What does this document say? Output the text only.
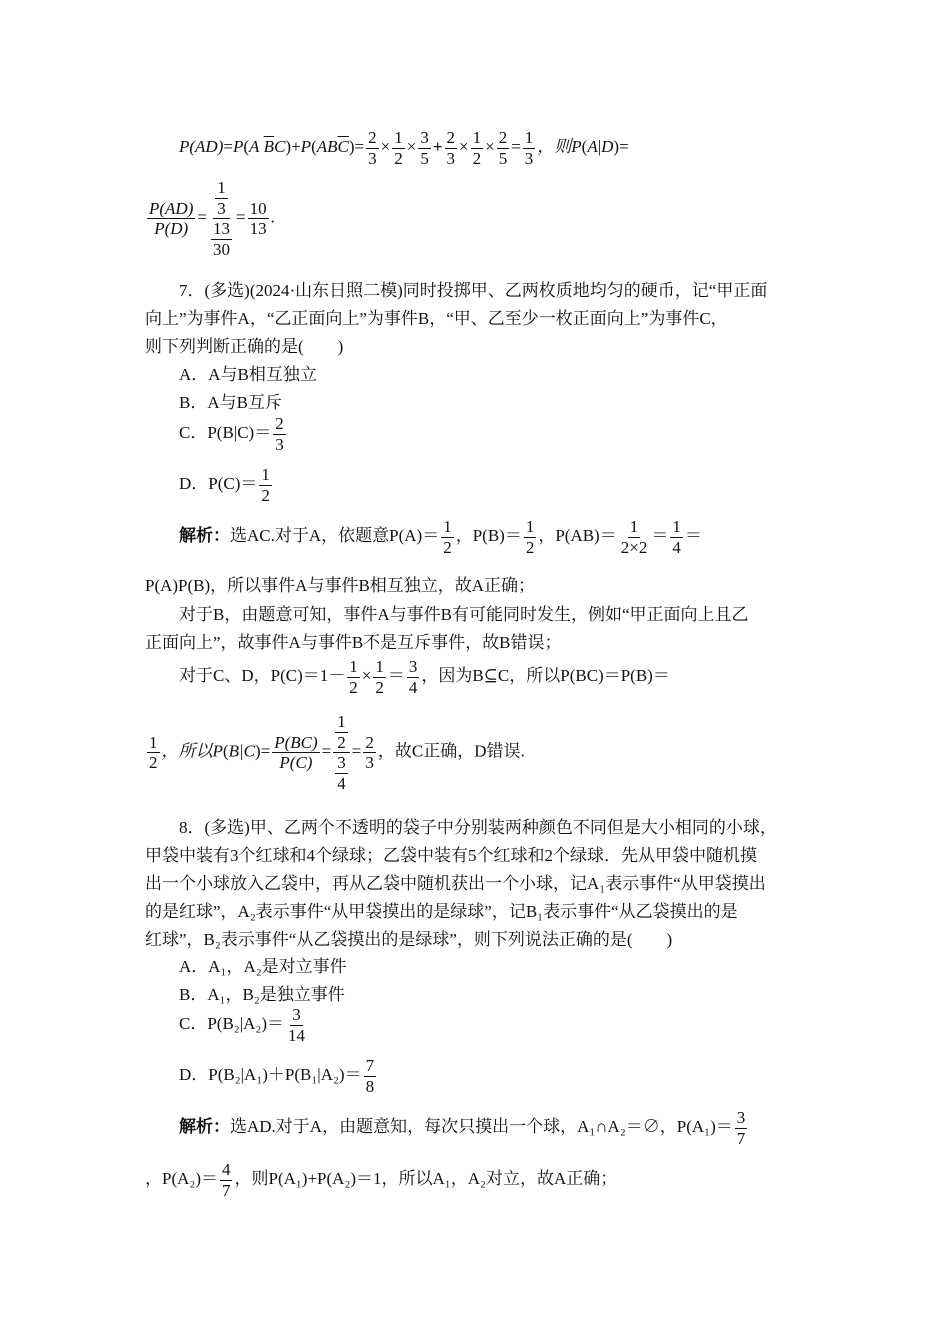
P(AD)=P(A $\overline{B}C)+P(AB\overline{C})= \frac{2}{3} \times \frac{1}{2} \times \frac{3}{5} + \frac{2}{3} \times \frac{1}{2} \times \frac{2}{5} = \frac{1}{3}$ ，则P(A|D)=
$\frac{P(AD)}{P(D)} = \frac{\frac{1}{3}}{\frac{13}{30}} = \frac{10}{13}$ .
7．(多选)(2024·山东日照二模)同时投掷甲、乙两枚质地均匀的硬币，记“甲正面
向上”为事件A，“乙正面向上”为事件B，“甲、乙至少一枚正面向上”为事件C，
则下列判断正确的是(　　)
A．A与B相互独立
B．A与B互斥
C．$P(B|C)= \frac{2}{3}$
D．$P(C)= \frac{1}{2}$
解析：选AC.对于A，依题意$P(A)= \frac{1}{2}$ ，$P(B)= \frac{1}{2}$ ，$P(AB)= \frac{1}{2\times 2} = \frac{1}{4}$ ＝
P(A)P(B)，所以事件A与事件B相互独立，故A正确；
对于B，由题意可知，事件A与事件B有可能同时发生，例如“甲正面向上且乙
正面向上”，故事件A与事件B不是互斥事件，故B错误；
对于C、D，$P(C)=1- \frac{1}{2} \times \frac{1}{2} = \frac{3}{4}$ ，因为B⊆C，所以P(BC)＝P(B)＝
$\frac{1}{2}$ ，所以$P(B|C)= \frac{P(BC)}{P(C)} = \frac{\frac{1}{2}}{\frac{3}{4}} = \frac{2}{3}$ ，故C正确，D错误.
8．(多选)甲、乙两个不透明的袋子中分别装两种颜色不同但是大小相同的小球，
甲袋中装有3个红球和4个绿球；乙袋中装有5个红球和2个绿球．先从甲袋中随机摸
出一个小球放入乙袋中，再从乙袋中随机获出一个小球，记A₁表示事件“从甲袋摸出
的是红球”，A₂表示事件“从甲袋摸出的是绿球”，记B₁表示事件“从乙袋摸出的是
红球”，B₂表示事件“从乙袋摸出的是绿球”，则下列说法正确的是(　　)
A．A₁，A₂是对立事件
B．A₁，B₂是独立事件
C．$P(B_2|A_2)= \frac{3}{14}$
D．$P(B_2|A_1)+P(B_1|A_2)= \frac{7}{8}$
解析：选AD.对于A，由题意知，每次只摸出一个球，A₁∩A₂＝∅，$P(A_1)= \frac{3}{7}$
，$P(A_2)= \frac{4}{7}$ ，则P(A₁)+P(A₂)＝1，所以A₁，A₂对立，故A正确；
